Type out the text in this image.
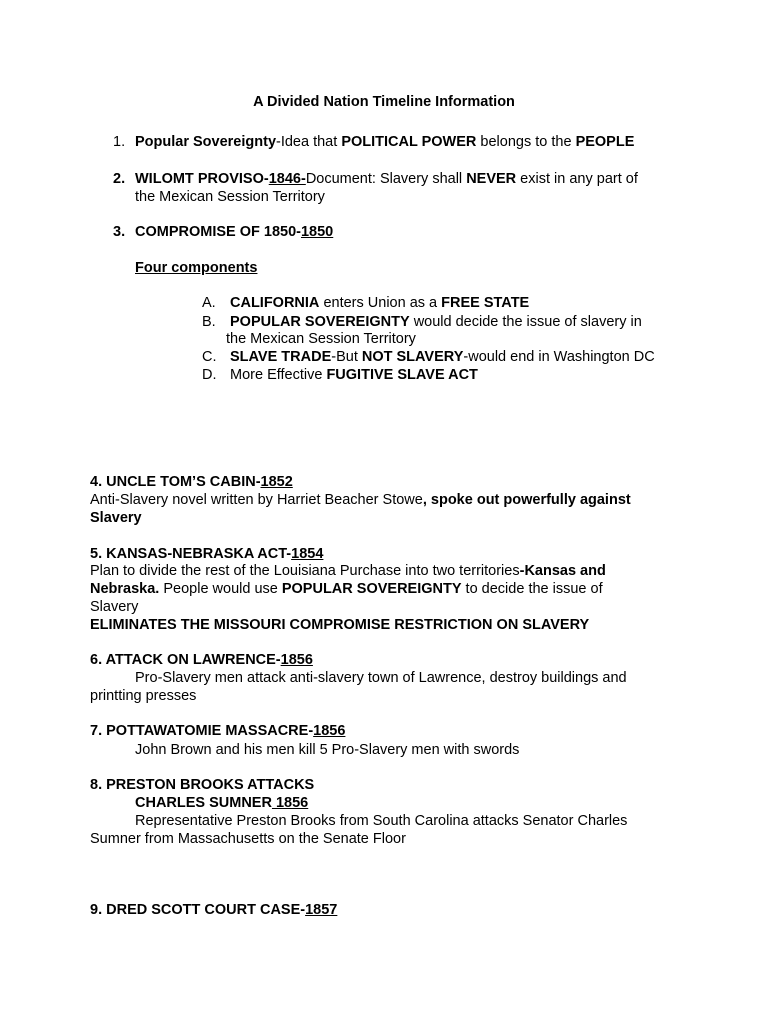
A Divided Nation Timeline Information
1. Popular Sovereignty-Idea that POLITICAL POWER belongs to the PEOPLE
2. WILOMT PROVISO-1846-Document: Slavery shall NEVER exist in any part of
the Mexican Session Territory
3. COMPROMISE OF 1850-1850
Four components
A. CALIFORNIA enters Union as a FREE STATE
B. POPULAR SOVEREIGNTY would decide the issue of slavery in
the Mexican Session Territory
C. SLAVE TRADE-But NOT SLAVERY-would end in Washington DC
D. More Effective FUGITIVE SLAVE ACT
4. UNCLE TOM’S CABIN-1852
Anti-Slavery novel written by Harriet Beacher Stowe, spoke out powerfully against
Slavery
5. KANSAS-NEBRASKA ACT-1854
Plan to divide the rest of the Louisiana Purchase into two territories-Kansas and
Nebraska. People would use POPULAR SOVEREIGNTY to decide the issue of
Slavery
ELIMINATES THE MISSOURI COMPROMISE RESTRICTION ON SLAVERY
6. ATTACK ON LAWRENCE-1856
Pro-Slavery men attack anti-slavery town of Lawrence, destroy buildings and
printting presses
7. POTTAWATOMIE MASSACRE-1856
John Brown and his men kill 5 Pro-Slavery men with swords
8. PRESTON BROOKS ATTACKS
CHARLES SUMNER 1856
Representative Preston Brooks from South Carolina attacks Senator Charles
Sumner from Massachusetts on the Senate Floor
9. DRED SCOTT COURT CASE-1857
